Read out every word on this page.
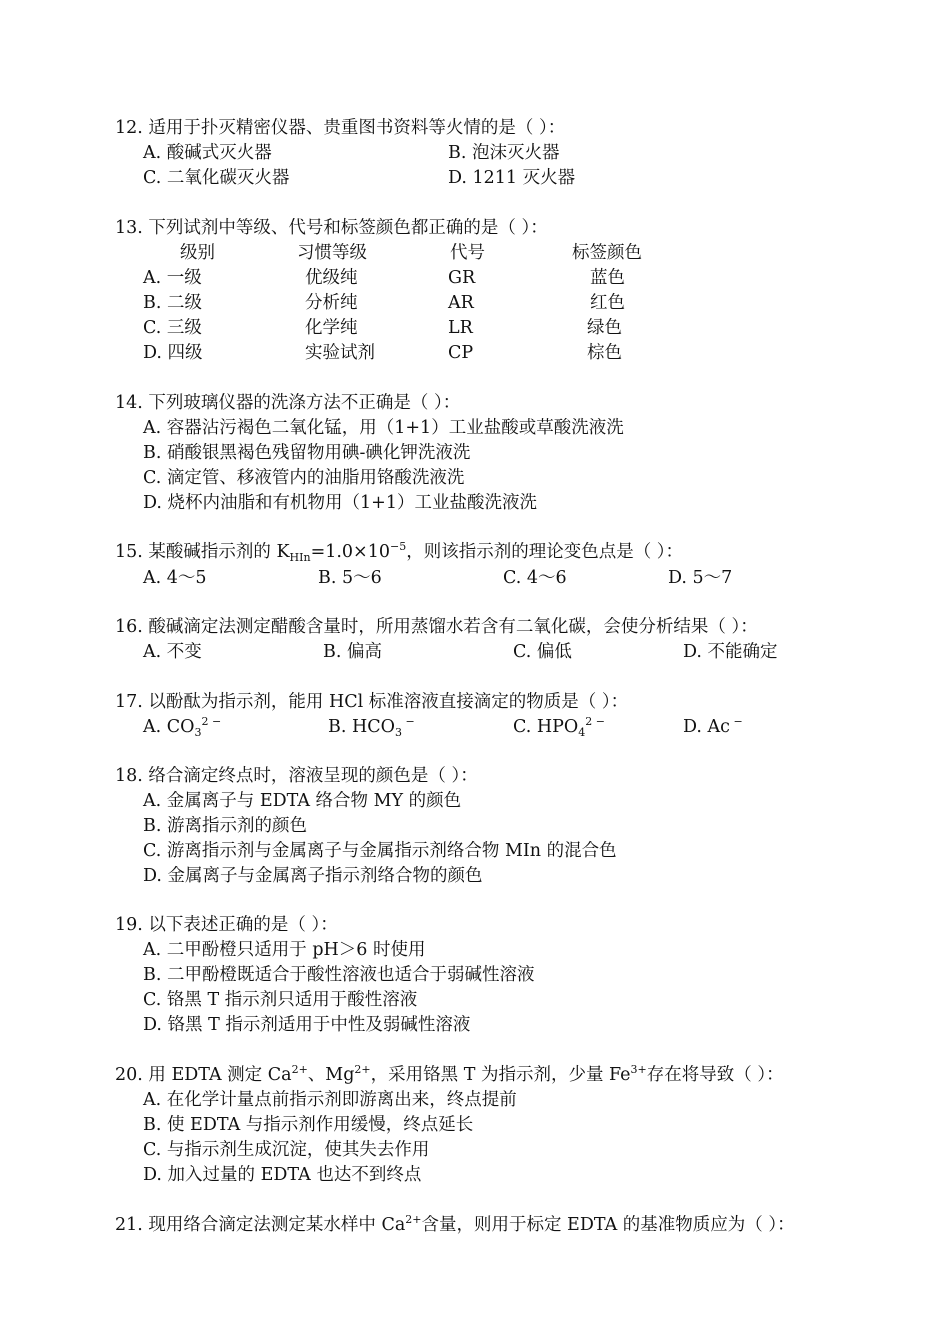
12. 适用于扑灭精密仪器、贵重图书资料等火情的是（ ）：
A. 酸碱式灭火器	B. 泡沫灭火器
C. 二氧化碳灭火器	D. 1211 灭火器
13. 下列试剂中等级、代号和标签颜色都正确的是（ ）：
级别	习惯等级	代号	标签颜色
A. 一级	优级纯	GR	蓝色
B. 二级	分析纯	AR	红色
C. 三级	化学纯	LR	绿色
D. 四级	实验试剂	CP	棕色
14. 下列玻璃仪器的洗涤方法不正确是（ ）：
A. 容器沾污褐色二氧化锰，用（1+1）工业盐酸或草酸洗液洗
B. 硝酸银黑褐色残留物用碘-碘化钾洗液洗
C. 滴定管、移液管内的油脂用铬酸洗液洗
D. 烧杯内油脂和有机物用（1+1）工业盐酸洗液洗
15. 某酸碱指示剂的 $K_{HIn}=1.0\times 10^{-5}$，则该指示剂的理论变色点是（ ）：
A. 4～5	B. 5～6	C. 4～6	D. 5～7
16. 酸碱滴定法测定醋酸含量时，所用蒸馏水若含有二氧化碳，会使分析结果（ ）：
A. 不变	B. 偏高	C. 偏低	D. 不能确定
17. 以酚酞为指示剂，能用 HCl 标准溶液直接滴定的物质是（ ）：
A. $CO_3^{2 -}$	B. $HCO_3$ −	C. $HPO_4^{2 -}$	D. Ac −
18. 络合滴定终点时，溶液呈现的颜色是（ ）：
A. 金属离子与 EDTA 络合物 MY 的颜色
B. 游离指示剂的颜色
C. 游离指示剂与金属离子与金属指示剂络合物 MIn 的混合色
D. 金属离子与金属离子指示剂络合物的颜色
19. 以下表述正确的是（ ）：
A. 二甲酚橙只适用于 pH＞6 时使用
B. 二甲酚橙既适合于酸性溶液也适合于弱碱性溶液
C. 铬黑 T 指示剂只适用于酸性溶液
D. 铬黑 T 指示剂适用于中性及弱碱性溶液
20. 用 EDTA 测定 $Ca^{2+}$、$Mg^{2+}$，采用铬黑 T 为指示剂，少量 $Fe^{3+}$存在将导致（ ）：
A. 在化学计量点前指示剂即游离出来，终点提前
B. 使 EDTA 与指示剂作用缓慢，终点延长
C. 与指示剂生成沉淀，使其失去作用
D. 加入过量的 EDTA 也达不到终点
21. 现用络合滴定法测定某水样中 $Ca^{2+}$含量，则用于标定 EDTA 的基准物质应为（ ）：
